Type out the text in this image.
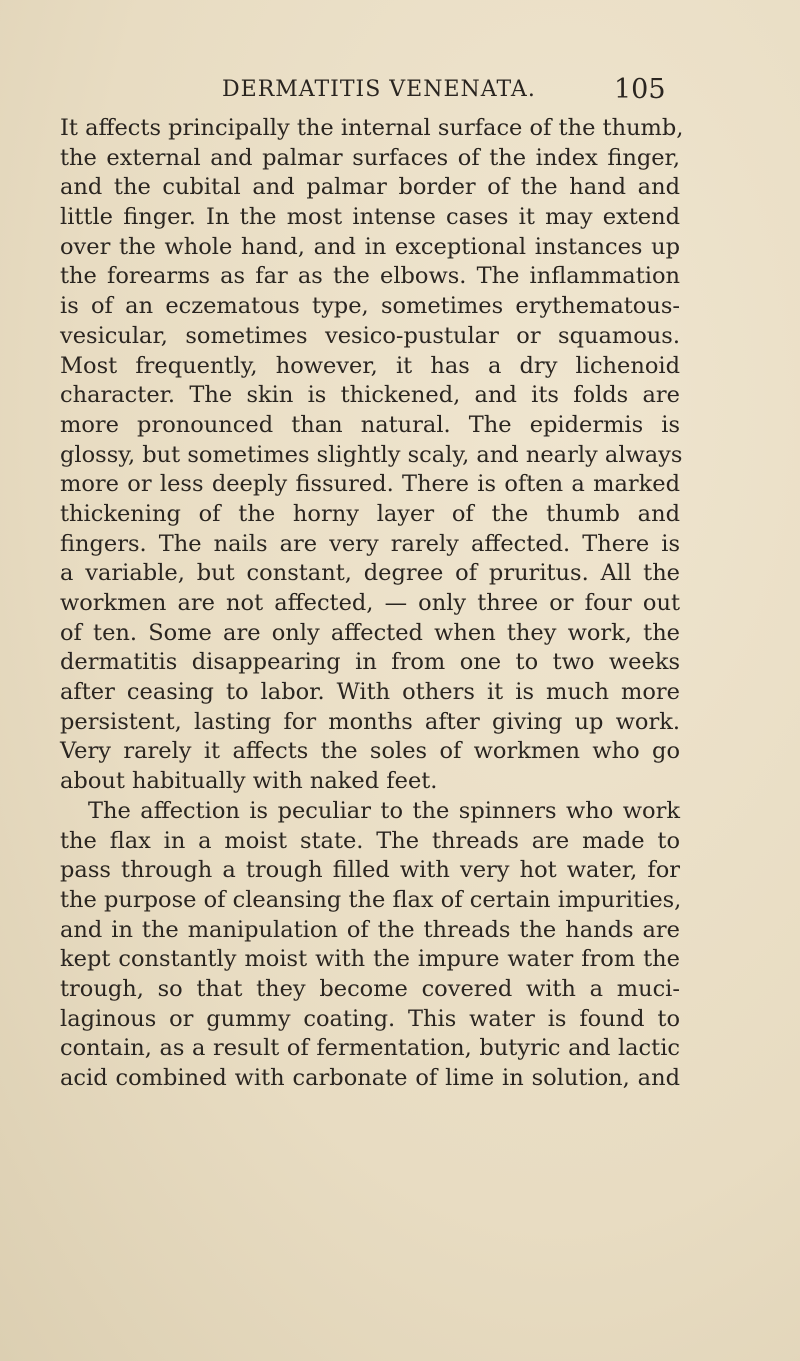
DERMATITIS VENENATA.	105
It affects principally the internal surface of the thumb,
the external and palmar surfaces of the index finger,
and the cubital and palmar border of the hand and
little finger. In the most intense cases it may extend
over the whole hand, and in exceptional instances up
the forearms as far as the elbows. The inflammation
is of an eczematous type, sometimes erythematous-
vesicular, sometimes vesico-pustular or squamous.
Most frequently, however, it has a dry lichenoid
character. The skin is thickened, and its folds are
more pronounced than natural. The epidermis is
glossy, but sometimes slightly scaly, and nearly always
more or less deeply fissured. There is often a marked
thickening of the horny layer of the thumb and
fingers. The nails are very rarely affected. There is
a variable, but constant, degree of pruritus. All the
workmen are not affected, — only three or four out
of ten. Some are only affected when they work, the
dermatitis disappearing in from one to two weeks
after ceasing to labor. With others it is much more
persistent, lasting for months after giving up work.
Very rarely it affects the soles of workmen who go
about habitually with naked feet.
The affection is peculiar to the spinners who work
the flax in a moist state. The threads are made to
pass through a trough filled with very hot water, for
the purpose of cleansing the flax of certain impurities,
and in the manipulation of the threads the hands are
kept constantly moist with the impure water from the
trough, so that they become covered with a muci-
laginous or gummy coating. This water is found to
contain, as a result of fermentation, butyric and lactic
acid combined with carbonate of lime in solution, and
